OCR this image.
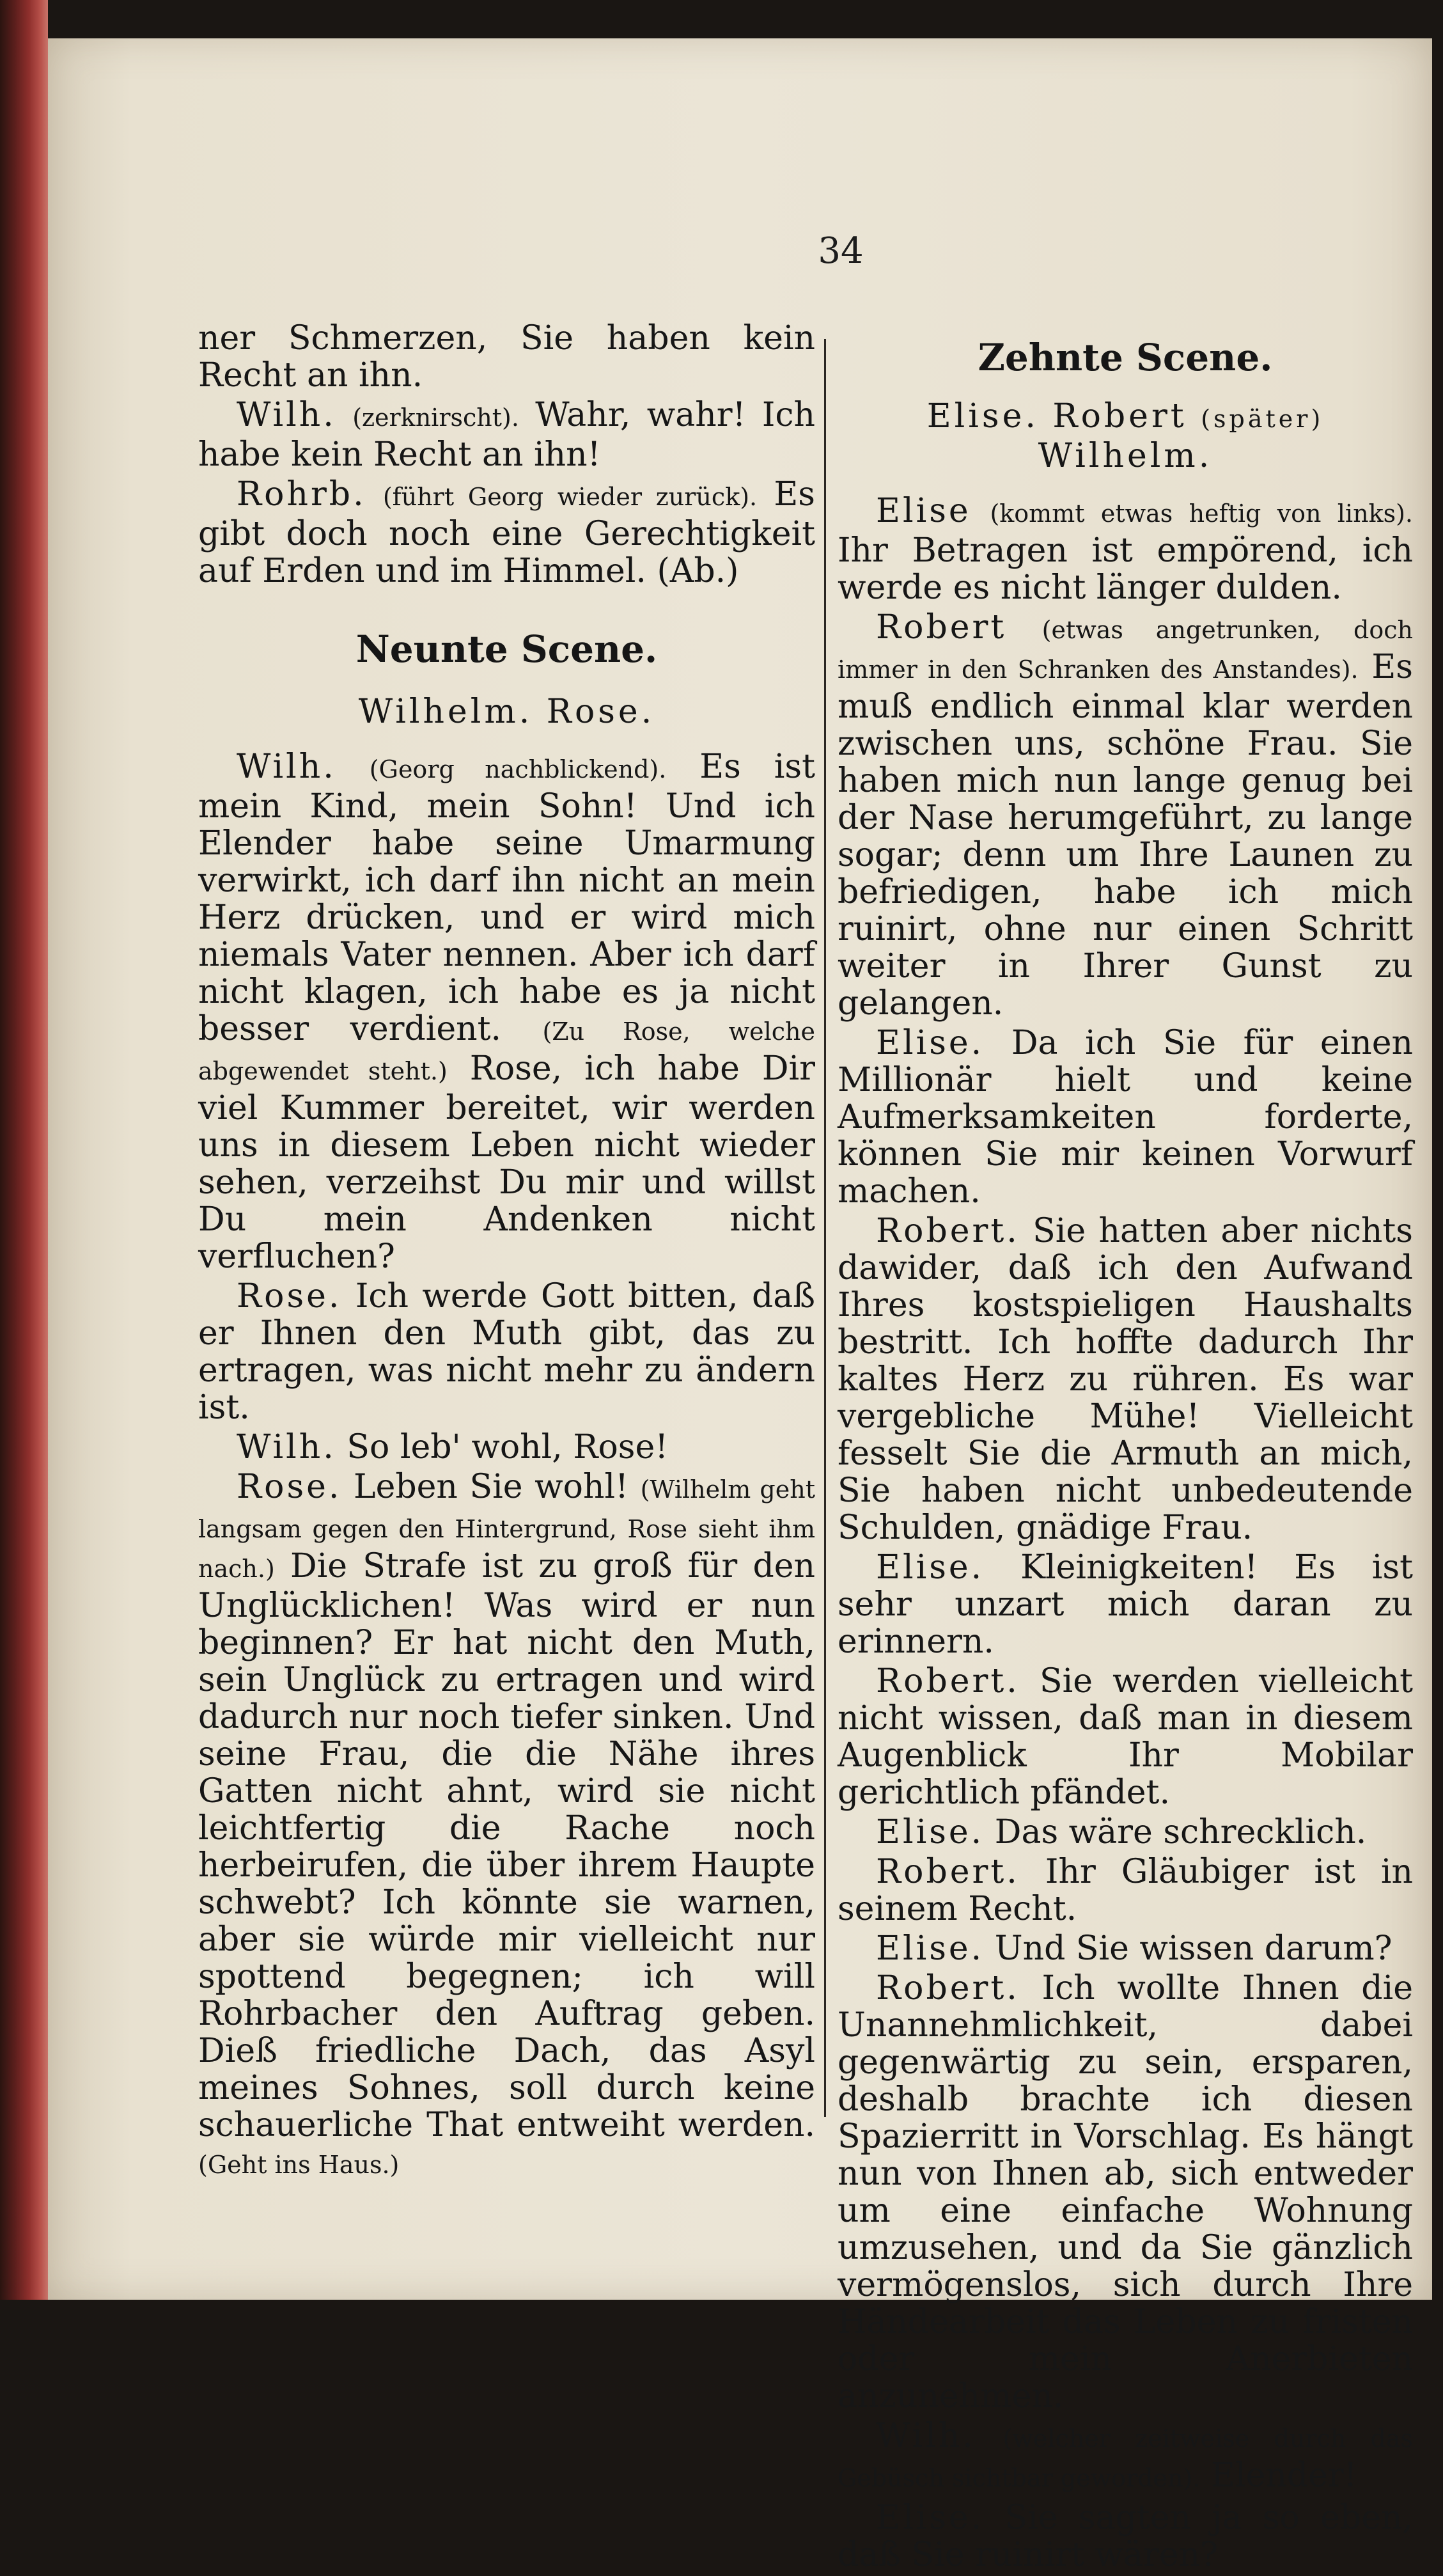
34

ner Schmerzen, Sie haben kein Recht an ihn.

Wilh. (zerknirscht). Wahr, wahr! Ich habe kein Recht an ihn!

Rohrb. (führt Georg wieder zurück). Es gibt doch noch eine Gerechtigkeit auf Erden und im Himmel. (Ab.)

Neunte Scene.
Wilhelm. Rose.

Wilh. (Georg nachblickend). Es ist mein Kind, mein Sohn! Und ich Elender habe seine Umarmung verwirkt, ich darf ihn nicht an mein Herz drücken, und er wird mich niemals Vater nennen. Aber ich darf nicht klagen, ich habe es ja nicht besser verdient. (Zu Rose, welche abgewendet steht.) Rose, ich habe Dir viel Kummer bereitet, wir werden uns in diesem Leben nicht wieder sehen, verzeihst Du mir und willst Du mein Andenken nicht verfluchen?

Rose. Ich werde Gott bitten, daß er Ihnen den Muth gibt, das zu ertragen, was nicht mehr zu ändern ist.

Wilh. So leb' wohl, Rose!

Rose. Leben Sie wohl! (Wilhelm geht langsam gegen den Hintergrund, Rose sieht ihm nach.) Die Strafe ist zu groß für den Unglücklichen! Was wird er nun beginnen? Er hat nicht den Muth, sein Unglück zu ertragen und wird dadurch nur noch tiefer sinken. Und seine Frau, die die Nähe ihres Gatten nicht ahnt, wird sie nicht leichtfertig die Rache noch herbeirufen, die über ihrem Haupte schwebt? Ich könnte sie warnen, aber sie würde mir vielleicht nur spottend begegnen; ich will Rohrbacher den Auftrag geben. Dieß friedliche Dach, das Asyl meines Sohnes, soll durch keine schauerliche That entweiht werden. (Geht ins Haus.)

Zehnte Scene.
Elise. Robert (später) Wilhelm.

Elise (kommt etwas heftig von links). Ihr Betragen ist empörend, ich werde es nicht länger dulden.

Robert (etwas angetrunken, doch immer in den Schranken des Anstandes). Es muß endlich einmal klar werden zwischen uns, schöne Frau. Sie haben mich nun lange genug bei der Nase herumgeführt, zu lange sogar; denn um Ihre Launen zu befriedigen, habe ich mich ruinirt, ohne nur einen Schritt weiter in Ihrer Gunst zu gelangen.

Elise. Da ich Sie für einen Millionär hielt und keine Aufmerksamkeiten forderte, können Sie mir keinen Vorwurf machen.

Robert. Sie hatten aber nichts dawider, daß ich den Aufwand Ihres kostspieligen Haushalts bestritt. Ich hoffte dadurch Ihr kaltes Herz zu rühren. Es war vergebliche Mühe! Vielleicht fesselt Sie die Armuth an mich, Sie haben nicht unbedeutende Schulden, gnädige Frau.

Elise. Kleinigkeiten! Es ist sehr unzart mich daran zu erinnern.

Robert. Sie werden vielleicht nicht wissen, daß man in diesem Augenblick Ihr Mobilar gerichtlich pfändet.

Elise. Das wäre schrecklich.

Robert. Ihr Gläubiger ist in seinem Recht.

Elise. Und Sie wissen darum?

Robert. Ich wollte Ihnen die Unannehmlichkeit, dabei gegenwärtig zu sein, ersparen, deshalb brachte ich diesen Spazierritt in Vorschlag. Es hängt nun von Ihnen ab, sich entweder um eine einfache Wohnung umzusehen, und da Sie gänzlich vermögenslos, sich durch Ihre Händearbeit das Leben zu fristen oder mein Anerbieten anzunehmen.

Wilh. (welcher zeitweise durch das Gebüsch sichtbar geworden). Elender!

Elise. Sie sagten ja so eben, daß Sie ruinirt wären?
